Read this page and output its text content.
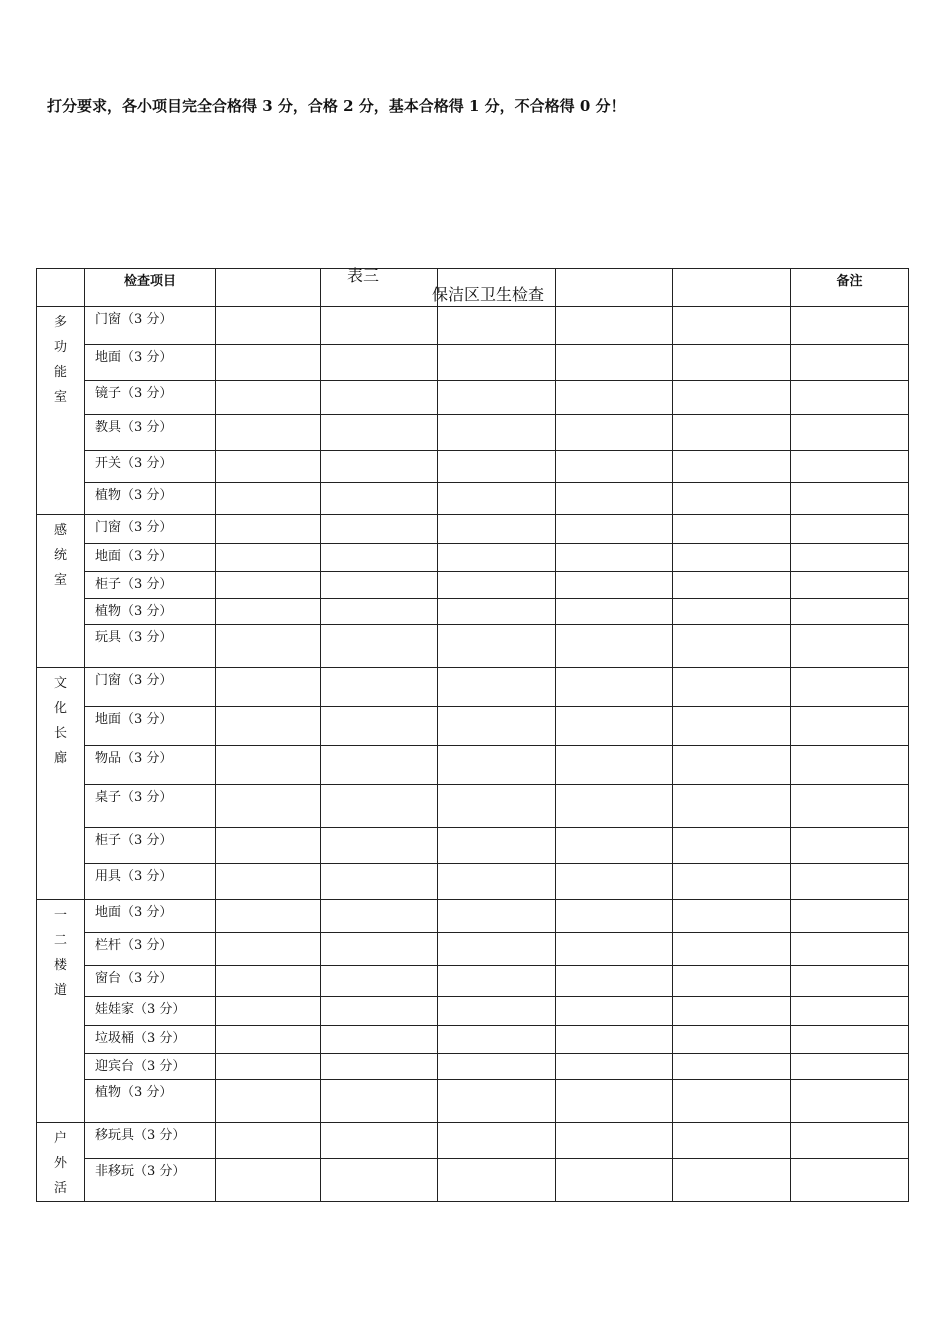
打分要求，各小项目完全合格得 3 分，合格 2 分，基本合格得 1 分，不合格得 0 分！

表三

保洁区卫生检查

	检查项目						备注

多
功
能
室	门窗（3 分）						
	地面（3 分）						
	镜子（3 分）						
	教具（3 分）						
	开关（3 分）						
	植物（3 分）						

感
统
室	门窗（3 分）						
	地面（3 分）						
	柜子（3 分）						
	植物（3 分）						
	玩具（3 分）						

文
化
长
廊	门窗（3 分）						
	地面（3 分）						
	物品（3 分）						
	桌子（3 分）						
	柜子（3 分）						
	用具（3 分）						

一
二
楼
道	地面（3 分）						
	栏杆（3 分）						
	窗台（3 分）						
	娃娃家（3 分）						
	垃圾桶（3 分）						
	迎宾台（3 分）						
	植物（3 分）						

户
外
活	移玩具（3 分）						
	非移玩（3 分）						
